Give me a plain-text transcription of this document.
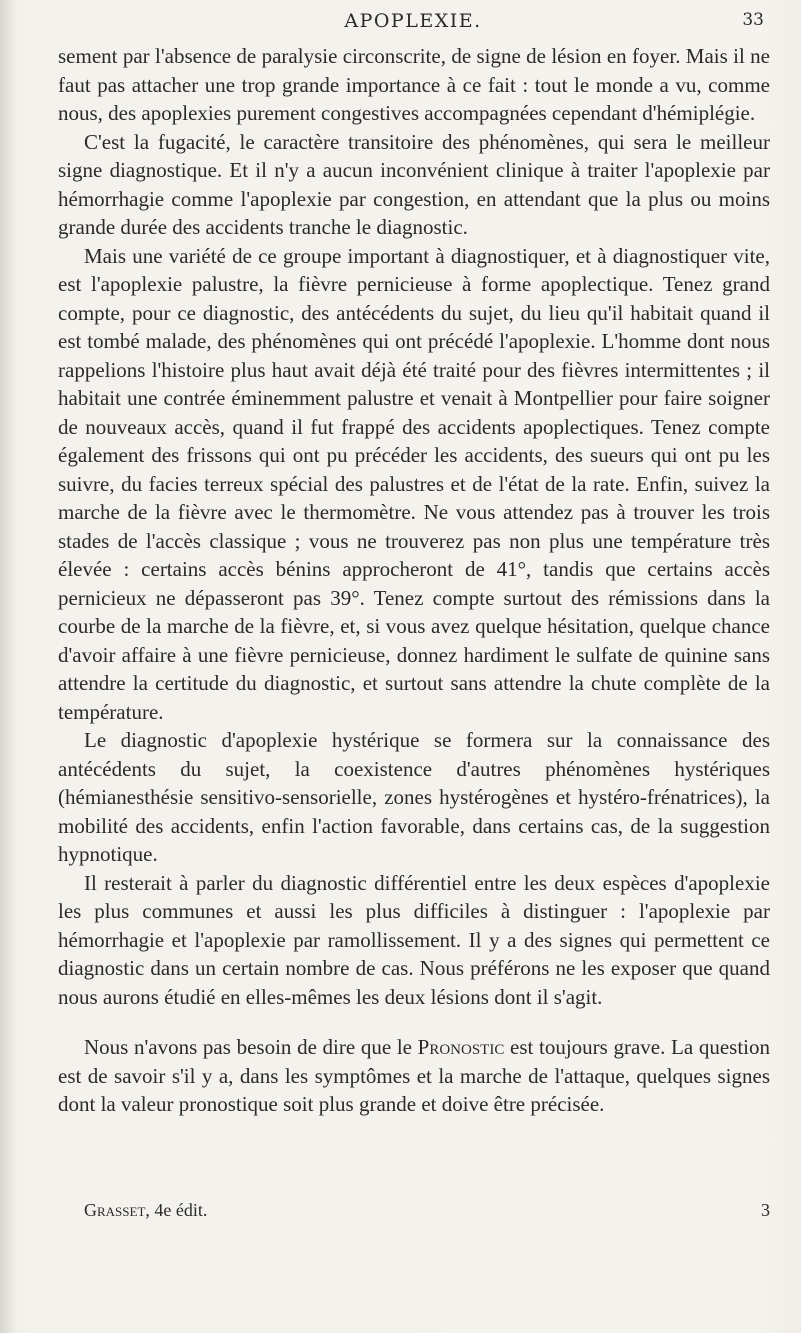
APOPLEXIE.	33

sement par l'absence de paralysie circonscrite, de signe de lésion en foyer. Mais il ne faut pas attacher une trop grande importance à ce fait : tout le monde a vu, comme nous, des apoplexies purement congestives accompagnées cependant d'hémiplégie.

C'est la fugacité, le caractère transitoire des phénomènes, qui sera le meilleur signe diagnostique. Et il n'y a aucun inconvénient clinique à traiter l'apoplexie par hémorrhagie comme l'apoplexie par congestion, en attendant que la plus ou moins grande durée des accidents tranche le diagnostic.

Mais une variété de ce groupe important à diagnostiquer, et à diagnostiquer vite, est l'apoplexie palustre, la fièvre pernicieuse à forme apoplectique. Tenez grand compte, pour ce diagnostic, des antécédents du sujet, du lieu qu'il habitait quand il est tombé malade, des phénomènes qui ont précédé l'apoplexie. L'homme dont nous rappelions l'histoire plus haut avait déjà été traité pour des fièvres intermittentes ; il habitait une contrée éminemment palustre et venait à Montpellier pour faire soigner de nouveaux accès, quand il fut frappé des accidents apoplectiques. Tenez compte également des frissons qui ont pu précéder les accidents, des sueurs qui ont pu les suivre, du facies terreux spécial des palustres et de l'état de la rate. Enfin, suivez la marche de la fièvre avec le thermomètre. Ne vous attendez pas à trouver les trois stades de l'accès classique ; vous ne trouverez pas non plus une température très élevée : certains accès bénins approcheront de 41°, tandis que certains accès pernicieux ne dépasseront pas 39°. Tenez compte surtout des rémissions dans la courbe de la marche de la fièvre, et, si vous avez quelque hésitation, quelque chance d'avoir affaire à une fièvre pernicieuse, donnez hardiment le sulfate de quinine sans attendre la certitude du diagnostic, et surtout sans attendre la chute complète de la température.

Le diagnostic d'apoplexie hystérique se formera sur la connaissance des antécédents du sujet, la coexistence d'autres phénomènes hystériques (hémianesthésie sensitivo-sensorielle, zones hystérogènes et hystéro-frénatrices), la mobilité des accidents, enfin l'action favorable, dans certains cas, de la suggestion hypnotique.

Il resterait à parler du diagnostic différentiel entre les deux espèces d'apoplexie les plus communes et aussi les plus difficiles à distinguer : l'apoplexie par hémorrhagie et l'apoplexie par ramollissement. Il y a des signes qui permettent ce diagnostic dans un certain nombre de cas. Nous préférons ne les exposer que quand nous aurons étudié en elles-mêmes les deux lésions dont il s'agit.

Nous n'avons pas besoin de dire que le Pronostic est toujours grave. La question est de savoir s'il y a, dans les symptômes et la marche de l'attaque, quelques signes dont la valeur pronostique soit plus grande et doive être précisée.

Grasset, 4e édit.	3
